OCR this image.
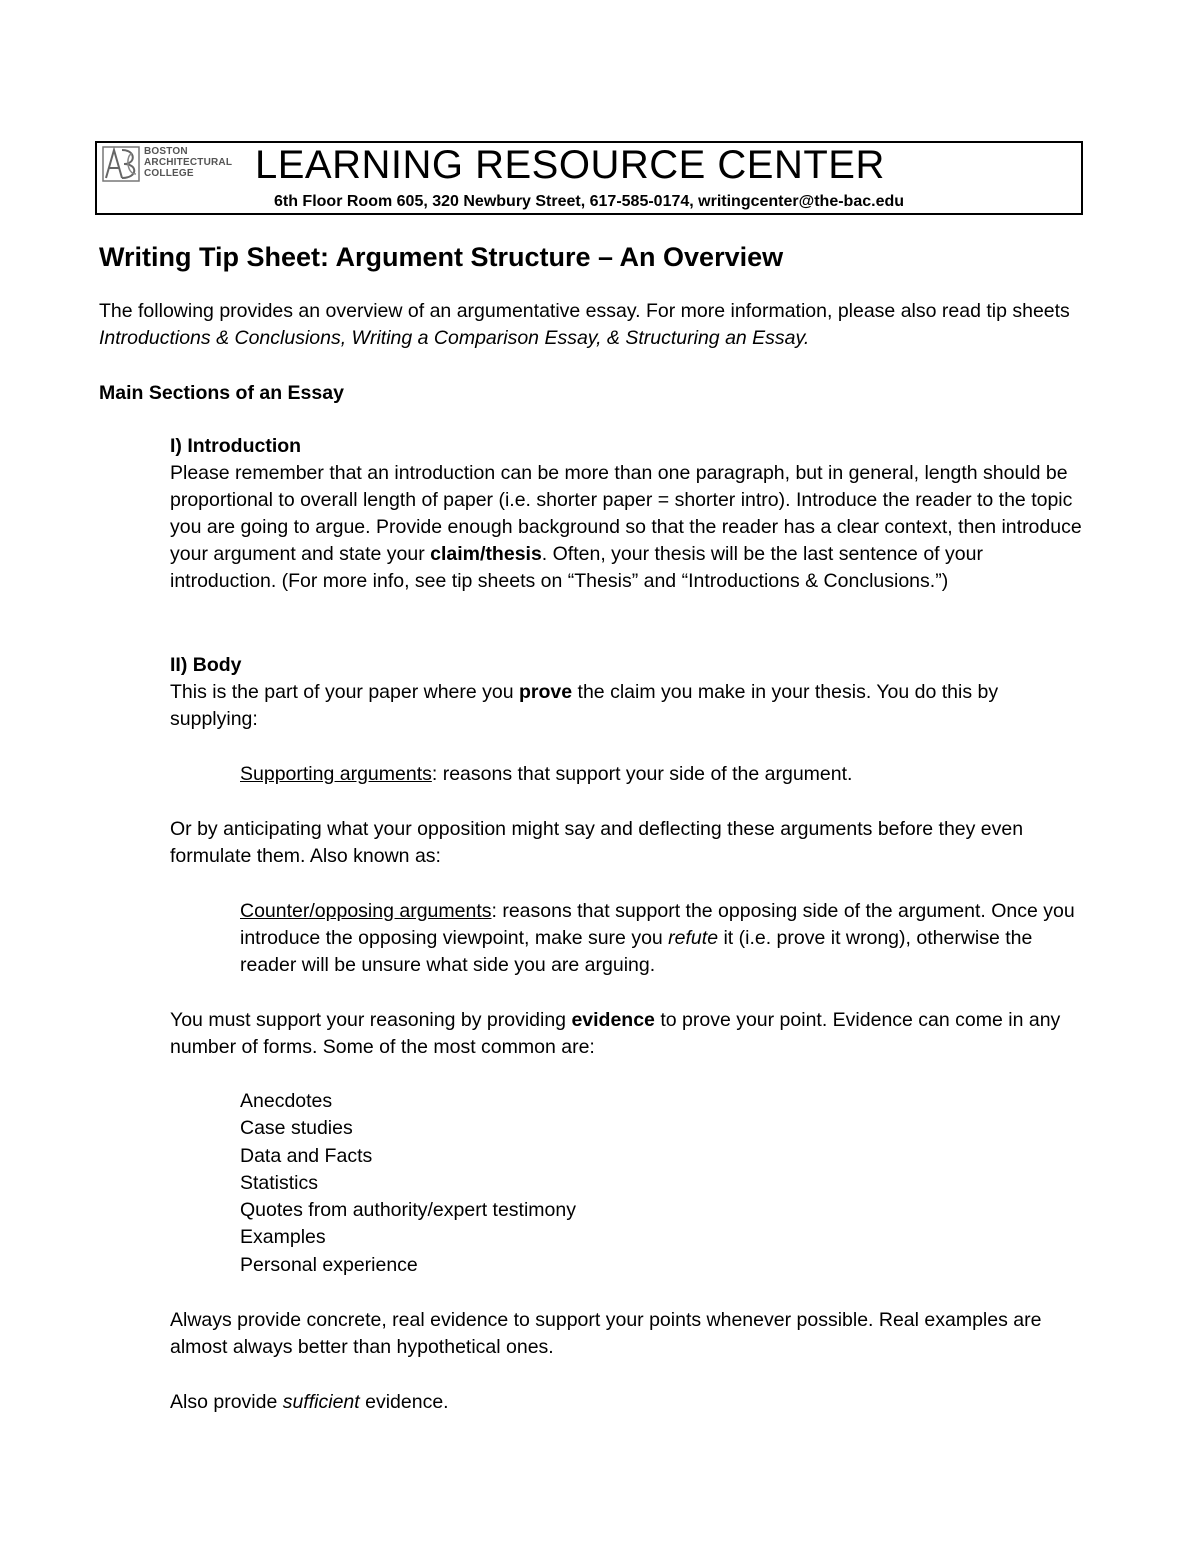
BOSTON
ARCHITECTURAL
COLLEGE	LEARNING RESOURCE CENTER
6th Floor Room 605, 320 Newbury Street, 617-585-0174, writingcenter@the-bac.edu
Writing Tip Sheet: Argument Structure – An Overview

The following provides an overview of an argumentative essay. For more information, please also read tip sheets Introductions & Conclusions, Writing a Comparison Essay, & Structuring an Essay.

Main Sections of an Essay

I) Introduction
Please remember that an introduction can be more than one paragraph, but in general, length should be proportional to overall length of paper (i.e. shorter paper = shorter intro). Introduce the reader to the topic you are going to argue. Provide enough background so that the reader has a clear context, then introduce your argument and state your claim/thesis. Often, your thesis will be the last sentence of your introduction. (For more info, see tip sheets on “Thesis” and “Introductions & Conclusions.”)

II) Body
This is the part of your paper where you prove the claim you make in your thesis. You do this by supplying:

Supporting arguments: reasons that support your side of the argument.

Or by anticipating what your opposition might say and deflecting these arguments before they even formulate them. Also known as:

Counter/opposing arguments: reasons that support the opposing side of the argument. Once you introduce the opposing viewpoint, make sure you refute it (i.e. prove it wrong), otherwise the reader will be unsure what side you are arguing.

You must support your reasoning by providing evidence to prove your point. Evidence can come in any number of forms. Some of the most common are:

Anecdotes
Case studies
Data and Facts
Statistics
Quotes from authority/expert testimony
Examples
Personal experience

Always provide concrete, real evidence to support your points whenever possible. Real examples are almost always better than hypothetical ones.

Also provide sufficient evidence.
